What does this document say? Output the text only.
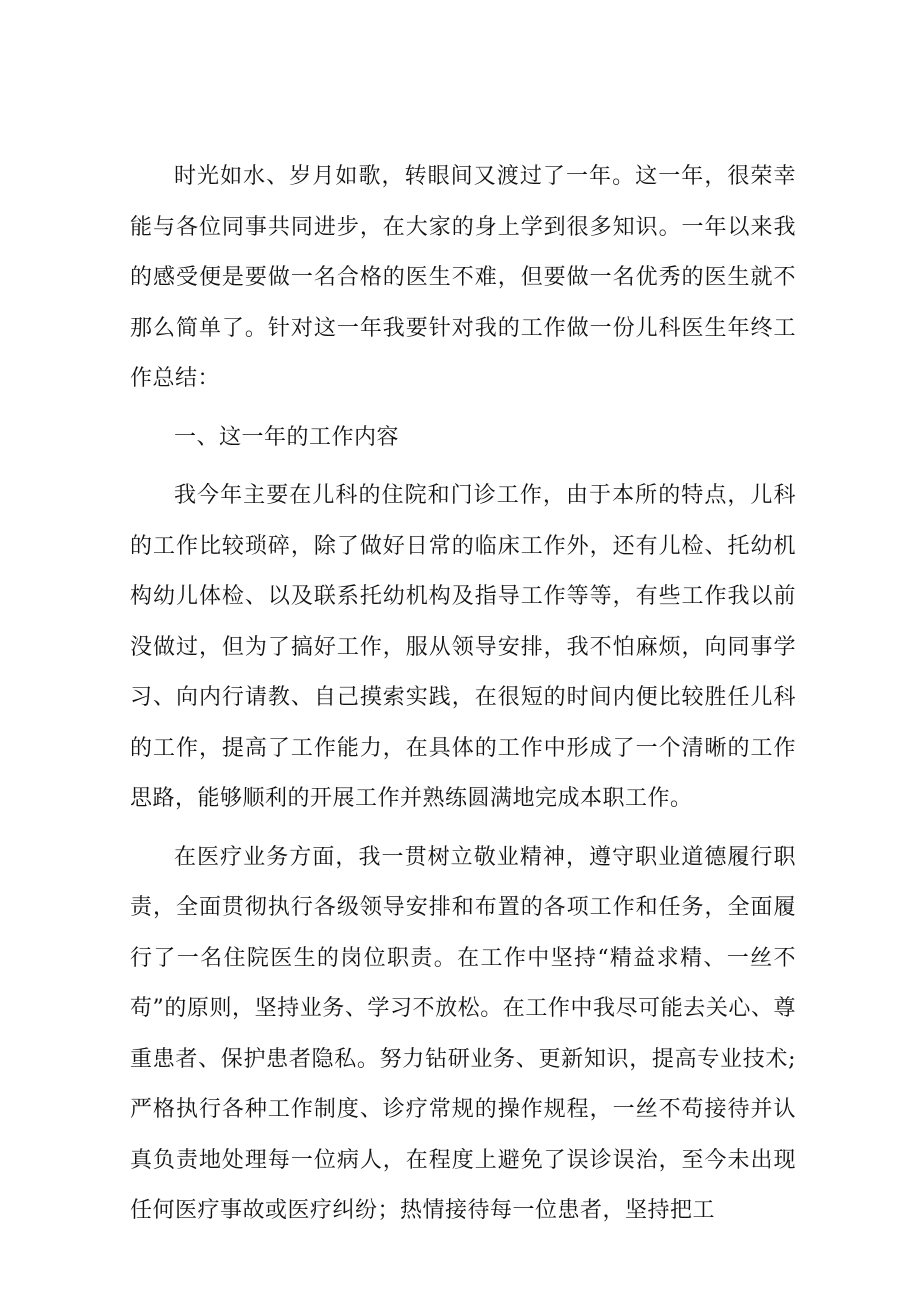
时光如水、岁月如歌，转眼间又渡过了一年。这一年，很荣幸能与各位同事共同进步，在大家的身上学到很多知识。一年以来我的感受便是要做一名合格的医生不难，但要做一名优秀的医生就不那么简单了。针对这一年我要针对我的工作做一份儿科医生年终工作总结：

一、这一年的工作内容

我今年主要在儿科的住院和门诊工作，由于本所的特点，儿科的工作比较琐碎，除了做好日常的临床工作外，还有儿检、托幼机构幼儿体检、以及联系托幼机构及指导工作等等，有些工作我以前没做过，但为了搞好工作，服从领导安排，我不怕麻烦，向同事学习、向内行请教、自己摸索实践，在很短的时间内便比较胜任儿科的工作，提高了工作能力，在具体的工作中形成了一个清晰的工作思路，能够顺利的开展工作并熟练圆满地完成本职工作。

在医疗业务方面，我一贯树立敬业精神，遵守职业道德履行职责，全面贯彻执行各级领导安排和布置的各项工作和任务，全面履行了一名住院医生的岗位职责。在工作中坚持“精益求精、一丝不苟”的原则，坚持业务、学习不放松。在工作中我尽可能去关心、尊重患者、保护患者隐私。努力钻研业务、更新知识，提高专业技术;严格执行各种工作制度、诊疗常规的操作规程，一丝不苟接待并认真负责地处理每一位病人，在程度上避免了误诊误治，至今未出现任何医疗事故或医疗纠纷；热情接待每一位患者，坚持把工
